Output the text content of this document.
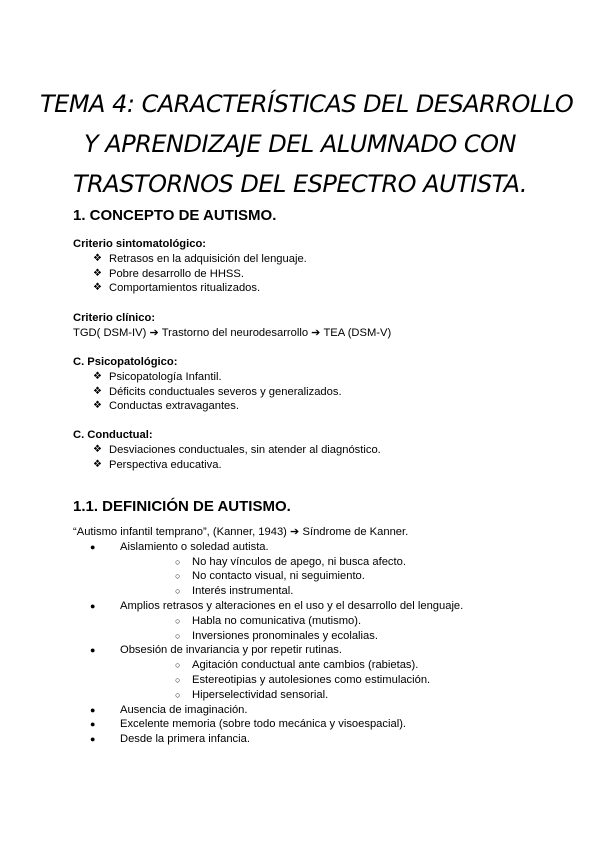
TEMA 4: CARACTERÍSTICAS DEL DESARROLLO
Y APRENDIZAJE DEL ALUMNADO CON
TRASTORNOS DEL ESPECTRO AUTISTA.
1. CONCEPTO DE AUTISMO.
Criterio sintomatológico:
❖ Retrasos en la adquisición del lenguaje.
❖ Pobre desarrollo de HHSS.
❖ Comportamientos ritualizados.
Criterio clínico:
TGD( DSM-IV) ➔ Trastorno del neurodesarrollo ➔ TEA (DSM-V)
C. Psicopatológico:
❖ Psicopatología Infantil.
❖ Déficits conductuales severos y generalizados.
❖ Conductas extravagantes.
C. Conductual:
❖ Desviaciones conductuales, sin atender al diagnóstico.
❖ Perspectiva educativa.
1.1. DEFINICIÓN DE AUTISMO.
“Autismo infantil temprano”, (Kanner, 1943) ➔ Síndrome de Kanner.
● Aislamiento o soledad autista.
○ No hay vínculos de apego, ni busca afecto.
○ No contacto visual, ni seguimiento.
○ Interés instrumental.
● Amplios retrasos y alteraciones en el uso y el desarrollo del lenguaje.
○ Habla no comunicativa (mutismo).
○ Inversiones pronominales y ecolalias.
● Obsesión de invariancia y por repetir rutinas.
○ Agitación conductual ante cambios (rabietas).
○ Estereotipias y autolesiones como estimulación.
○ Hiperselectividad sensorial.
● Ausencia de imaginación.
● Excelente memoria (sobre todo mecánica y visoespacial).
● Desde la primera infancia.
